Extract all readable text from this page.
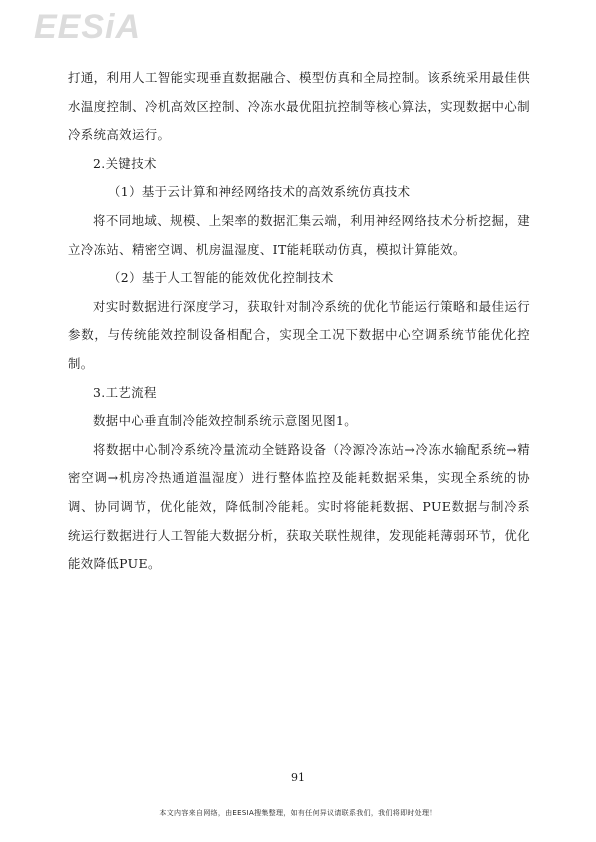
EESiA

打通，利用人工智能实现垂直数据融合、模型仿真和全局控制。该系统采用最佳供水温度控制、冷机高效区控制、冷冻水最优阻抗控制等核心算法，实现数据中心制冷系统高效运行。

2.关键技术

（1）基于云计算和神经网络技术的高效系统仿真技术

将不同地域、规模、上架率的数据汇集云端，利用神经网络技术分析挖掘，建立冷冻站、精密空调、机房温湿度、IT能耗联动仿真，模拟计算能效。

（2）基于人工智能的能效优化控制技术

对实时数据进行深度学习，获取针对制冷系统的优化节能运行策略和最佳运行参数，与传统能效控制设备相配合，实现全工况下数据中心空调系统节能优化控制。

3.工艺流程

数据中心垂直制冷能效控制系统示意图见图1。

将数据中心制冷系统冷量流动全链路设备（冷源冷冻站→冷冻水输配系统→精密空调→机房冷热通道温湿度）进行整体监控及能耗数据采集，实现全系统的协调、协同调节，优化能效，降低制冷能耗。实时将能耗数据、PUE数据与制冷系统运行数据进行人工智能大数据分析，获取关联性规律，发现能耗薄弱环节，优化能效降低PUE。

91
本文内容来自网络，由EESIA搜集整理，如有任何异议请联系我们，我们将即时处理！
